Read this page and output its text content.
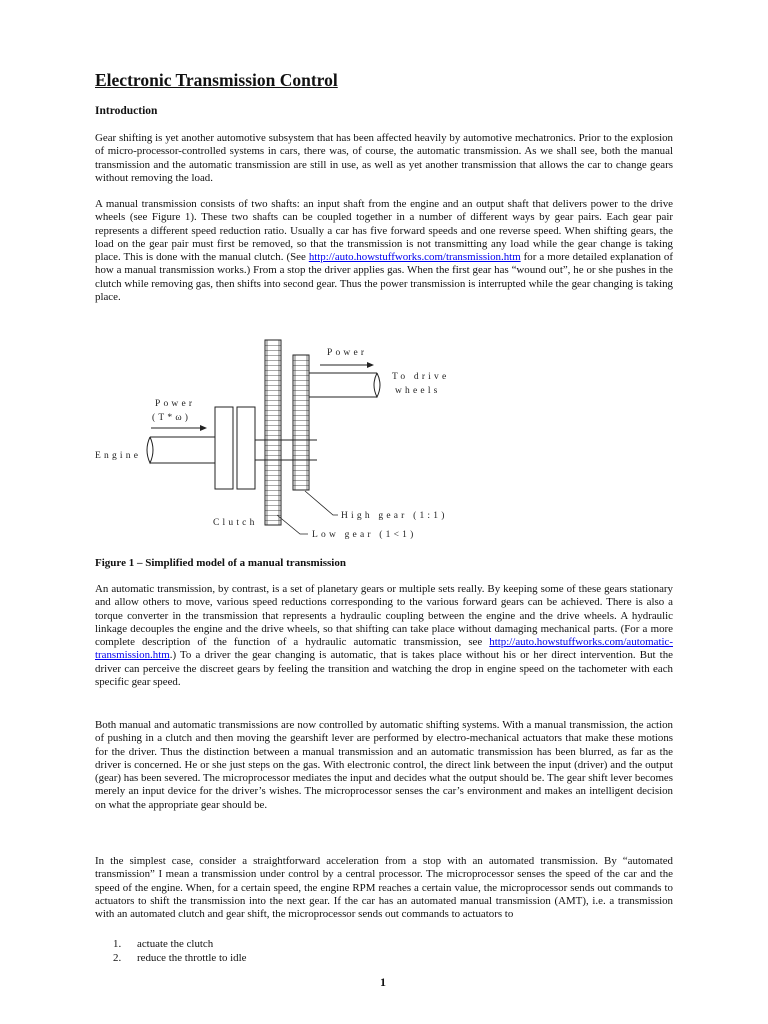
Electronic Transmission Control
Introduction

Gear shifting is yet another automotive subsystem that has been affected heavily by automotive mechatronics. Prior to the explosion of micro-processor-controlled systems in cars, there was, of course, the automatic transmission. As we shall see, both the manual transmission and the automatic transmission are still in use, as well as yet another transmission that allows the car to change gears without removing the load.

A manual transmission consists of two shafts: an input shaft from the engine and an output shaft that delivers power to the drive wheels (see Figure 1). These two shafts can be coupled together in a number of different ways by gear pairs. Each gear pair represents a different speed reduction ratio. Usually a car has five forward speeds and one reverse speed. When shifting gears, the load on the gear pair must first be removed, so that the transmission is not transmitting any load while the gear change is taking place. This is done with the manual clutch. (See http://auto.howstuffworks.com/transmission.htm for a more detailed explanation of how a manual transmission works.) From a stop the driver applies gas. When the first gear has “wound out”, he or she pushes in the clutch while removing gas, then shifts into second gear. Thus the power transmission is interrupted while the gear changing is taking place.

Engine
Power
(T*ω)
Clutch
Power
To drive
wheels
High gear (1:1)
Low gear (1<1)

Figure 1 – Simplified model of a manual transmission

An automatic transmission, by contrast, is a set of planetary gears or multiple sets really. By keeping some of these gears stationary and allow others to move, various speed reductions corresponding to the various forward gears can be achieved. There is also a torque converter in the transmission that represents a hydraulic coupling between the engine and the drive wheels. A hydraulic linkage decouples the engine and the drive wheels, so that shifting can take place without damaging mechanical parts. (For a more complete description of the function of a hydraulic automatic transmission, see http://auto.howstuffworks.com/automatic-transmission.htm.) To a driver the gear changing is automatic, that is takes place without his or her direct intervention. But the driver can perceive the discreet gears by feeling the transition and watching the drop in engine speed on the tachometer with each specific gear speed.

Both manual and automatic transmissions are now controlled by automatic shifting systems. With a manual transmission, the action of pushing in a clutch and then moving the gearshift lever are performed by electro-mechanical actuators that make these motions for the driver. Thus the distinction between a manual transmission and an automatic transmission has been blurred, as far as the driver is concerned. He or she just steps on the gas. With electronic control, the direct link between the input (driver) and the output (gear) has been severed. The microprocessor mediates the input and decides what the output should be. The gear shift lever becomes merely an input device for the driver’s wishes. The microprocessor senses the car’s environment and makes an intelligent decision on what the appropriate gear should be.

In the simplest case, consider a straightforward acceleration from a stop with an automated transmission. By “automated transmission” I mean a transmission under control by a central processor. The microprocessor senses the speed of the car and the speed of the engine. When, for a certain speed, the engine RPM reaches a certain value, the microprocessor sends out commands to actuators to shift the transmission into the next gear. If the car has an automated manual transmission (AMT), i.e. a transmission with an automated clutch and gear shift, the microprocessor sends out commands to actuators to

1.	actuate the clutch
2.	reduce the throttle to idle

1
